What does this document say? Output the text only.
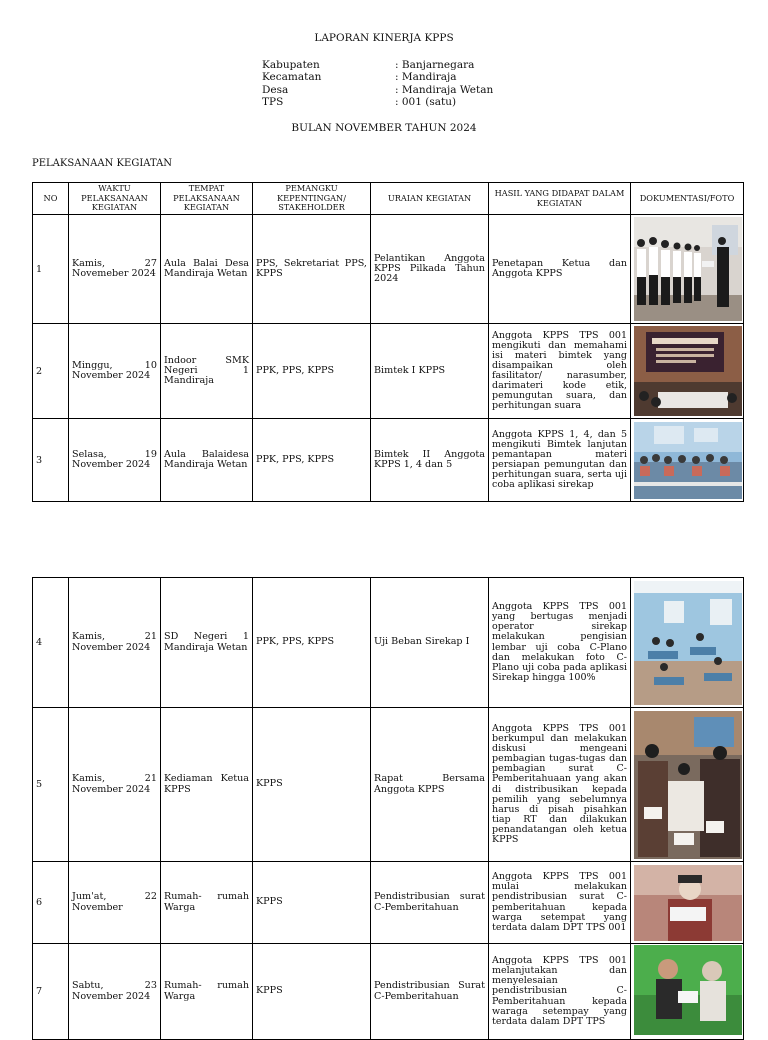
LAPORAN KINERJA KPPS
Kabupaten	: Banjarnegara
Kecamatan	: Mandiraja
Desa	: Mandiraja Wetan
TPS	: 001 (satu)
BULAN NOVEMBER TAHUN 2024
PELAKSANAAN KEGIATAN
NO	WAKTU PELAKSANAAN KEGIATAN	TEMPAT PELAKSANAAN KEGIATAN	PEMANGKU KEPENTINGAN/ STAKEHOLDER	URAIAN KEGIATAN	HASIL YANG DIDAPAT DALAM KEGIATAN	DOKUMENTASI/FOTO
1	Kamis, 27 Novemeber 2024	Aula Balai Desa Mandiraja Wetan	PPS, Sekretariat PPS, KPPS	Pelantikan Anggota KPPS Pilkada Tahun 2024	Penetapan Ketua dan Anggota KPPS	

2	Minggu, 10 November 2024	Indoor SMK Negeri 1 Mandiraja	PPK, PPS, KPPS	Bimtek I KPPS	Anggota KPPS TPS 001 mengikuti dan memahami isi materi bimtek yang disampaikan oleh fasilitator/ narasumber, darimateri kode etik, pemungutan suara, dan perhitungan suara	

3	Selasa, 19 November 2024	Aula Balaidesa Mandiraja Wetan	PPK, PPS, KPPS	Bimtek II Anggota KPPS 1, 4 dan 5	Anggota KPPS 1, 4, dan 5 mengikuti Bimtek lanjutan pemantapan materi persiapan pemungutan dan perhitungan suara, serta uji coba aplikasi sirekap	
4	Kamis, 21 November 2024	SD Negeri 1 Mandiraja Wetan	PPK, PPS, KPPS	Uji Beban Sirekap I	Anggota KPPS TPS 001 yang bertugas menjadi operator sirekap melakukan pengisian lembar uji coba C-Plano dan melakukan foto C-Plano uji coba pada aplikasi Sirekap hingga 100%	

5	Kamis, 21 November 2024	Kediaman Ketua KPPS	KPPS	Rapat Bersama Anggota KPPS	Anggota KPPS TPS 001 berkumpul dan melakukan diskusi mengeani pembagian tugas-tugas dan pembagian surat C-Pemberitahuaan yang akan di distribusikan kepada pemilih yang sebelumnya harus di pisah pisahkan tiap RT dan dilakukan penandatangan oleh ketua KPPS	

6	Jum'at, 22 November	Rumah- rumah Warga	KPPS	Pendistribusian surat C-Pemberitahuan	Anggota KPPS TPS 001 mulai melakukan pendistribusian surat C-pemberitahuan kepada warga setempat yang terdata dalam DPT TPS 001	

7	Sabtu, 23 November 2024	Rumah- rumah Warga	KPPS	Pendistribusian Surat C-Pemberitahuan	Anggota KPPS TPS 001 melanjutakan dan menyelesaian pendistribusian C-Pemberitahuan kepada waraga setempay yang terdata dalam DPT TPS	
